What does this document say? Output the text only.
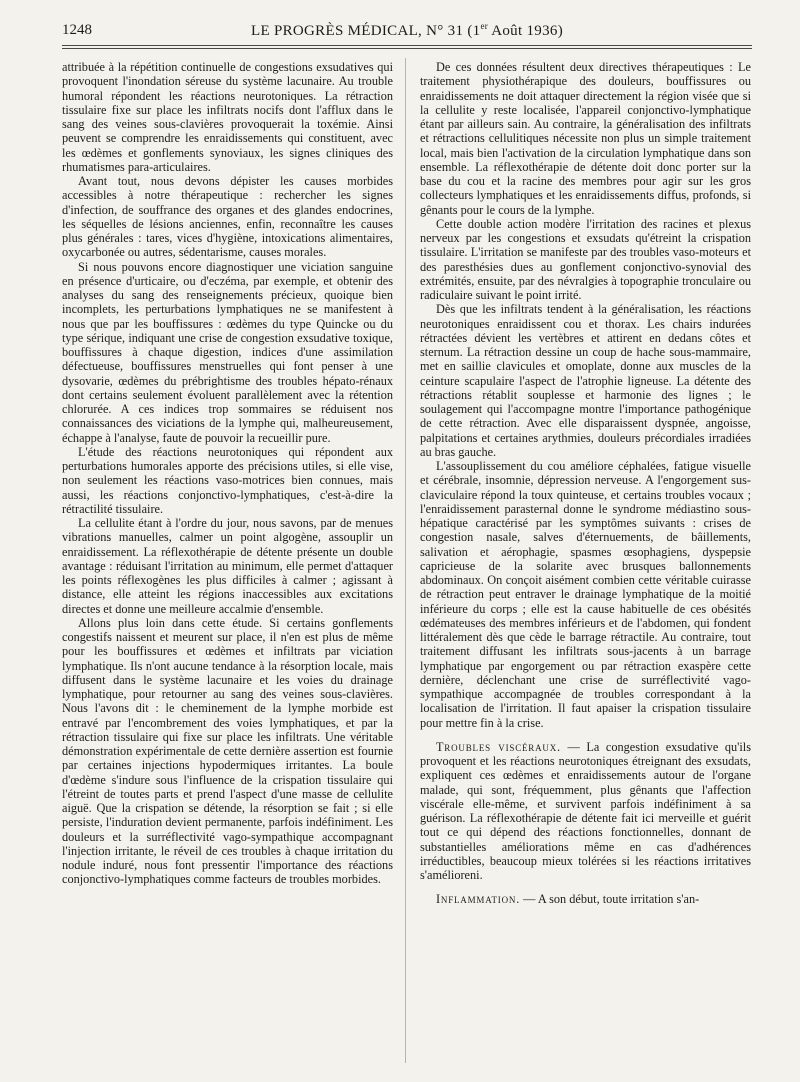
1248	LE PROGRÈS MÉDICAL, N° 31 (1er Août 1936)

attribuée à la répétition continuelle de congestions exsudatives qui provoquent l'inondation séreuse du système lacunaire. Au trouble humoral répondent les réactions neurotoniques. La rétraction tissulaire fixe sur place les infiltrats nocifs dont l'afflux dans le sang des veines sous-clavières provoquerait la toxémie. Ainsi peuvent se comprendre les enraidissements qui constituent, avec les œdèmes et gonflements synoviaux, les signes cliniques des rhumatismes para-articulaires.

Avant tout, nous devons dépister les causes morbides accessibles à notre thérapeutique : rechercher les signes d'infection, de souffrance des organes et des glandes endocrines, les séquelles de lésions anciennes, enfin, reconnaître les causes plus générales : tares, vices d'hygiène, intoxications alimentaires, oxycarbonée ou autres, sédentarisme, causes morales.

Si nous pouvons encore diagnostiquer une viciation sanguine en présence d'urticaire, ou d'eczéma, par exemple, et obtenir des analyses du sang des renseignements précieux, quoique bien incomplets, les perturbations lymphatiques ne se manifestent à nous que par les bouffissures : œdèmes du type Quincke ou du type sérique, indiquant une crise de congestion exsudative toxique, bouffissures à chaque digestion, indices d'une assimilation défectueuse, bouffissures menstruelles qui font penser à une dysovarie, œdèmes du prébrightisme des troubles hépato-rénaux dont certains seulement évoluent parallèlement avec la rétention chlorurée. A ces indices trop sommaires se réduisent nos connaissances des viciations de la lymphe qui, malheureusement, échappe à l'analyse, faute de pouvoir la recueillir pure.

L'étude des réactions neurotoniques qui répondent aux perturbations humorales apporte des précisions utiles, si elle vise, non seulement les réactions vaso-motrices bien connues, mais aussi, les réactions conjonctivo-lymphatiques, c'est-à-dire la rétractilité tissulaire.

La cellulite étant à l'ordre du jour, nous savons, par de menues vibrations manuelles, calmer un point algogène, assouplir un enraidissement. La réflexothérapie de détente présente un double avantage : réduisant l'irritation au minimum, elle permet d'attaquer les points réflexogènes les plus difficiles à calmer ; agissant à distance, elle atteint les régions inaccessibles aux excitations directes et donne une meilleure accalmie d'ensemble.

Allons plus loin dans cette étude. Si certains gonflements congestifs naissent et meurent sur place, il n'en est plus de même pour les bouffissures et œdèmes et infiltrats par viciation lymphatique. Ils n'ont aucune tendance à la résorption locale, mais diffusent dans le système lacunaire et les voies du drainage lymphatique, pour retourner au sang des veines sous-clavières. Nous l'avons dit : le cheminement de la lymphe morbide est entravé par l'encombrement des voies lymphatiques, et par la rétraction tissulaire qui fixe sur place les infiltrats. Une véritable démonstration expérimentale de cette dernière assertion est fournie par certaines injections hypodermiques irritantes. La boule d'œdème s'indure sous l'influence de la crispation tissulaire qui l'étreint de toutes parts et prend l'aspect d'une masse de cellulite aiguë. Que la crispation se détende, la résorption se fait ; si elle persiste, l'induration devient permanente, parfois indéfiniment. Les douleurs et la surréflectivité vago-sympathique accompagnant l'injection irritante, le réveil de ces troubles à chaque irritation du nodule induré, nous font pressentir l'importance des réactions conjonctivo-lymphatiques comme facteurs de troubles morbides.

De ces données résultent deux directives thérapeutiques : Le traitement physiothérapique des douleurs, bouffissures ou enraidissements ne doit attaquer directement la région visée que si la cellulite y reste localisée, l'appareil conjonctivo-lymphatique étant par ailleurs sain. Au contraire, la généralisation des infiltrats et rétractions cellulitiques nécessite non plus un simple traitement local, mais bien l'activation de la circulation lymphatique dans son ensemble. La réflexothérapie de détente doit donc porter sur la base du cou et la racine des membres pour agir sur les gros collecteurs lymphatiques et les enraidissements diffus, profonds, si gênants pour le cours de la lymphe.

Cette double action modère l'irritation des racines et plexus nerveux par les congestions et exsudats qu'étreint la crispation tissulaire. L'irritation se manifeste par des troubles vaso-moteurs et des paresthésies dues au gonflement conjonctivo-synovial des extrémités, ensuite, par des névralgies à topographie tronculaire ou radiculaire suivant le point irrité.

Dès que les infiltrats tendent à la généralisation, les réactions neurotoniques enraidissent cou et thorax. Les chairs indurées rétractées dévient les vertèbres et attirent en dedans côtes et sternum. La rétraction dessine un coup de hache sous-mammaire, met en saillie clavicules et omoplate, donne aux muscles de la ceinture scapulaire l'aspect de l'atrophie ligneuse. La détente des rétractions rétablit souplesse et harmonie des lignes ; le soulagement qui l'accompagne montre l'importance pathogénique de cette rétraction. Avec elle disparaissent dyspnée, angoisse, palpitations et certaines arythmies, douleurs précordiales irradiées au bras gauche.

L'assouplissement du cou améliore céphalées, fatigue visuelle et cérébrale, insomnie, dépression nerveuse. A l'engorgement sus-claviculaire répond la toux quinteuse, et certains troubles vocaux ; l'enraidissement parasternal donne le syndrome médiastino sous-hépatique caractérisé par les symptômes suivants : crises de congestion nasale, salves d'éternuements, de bâillements, salivation et aérophagie, spasmes œsophagiens, dyspepsie capricieuse de la solarite avec brusques ballonnements abdominaux. On conçoit aisément combien cette véritable cuirasse de rétraction peut entraver le drainage lymphatique de la moitié inférieure du corps ; elle est la cause habituelle de ces obésités œdémateuses des membres inférieurs et de l'abdomen, qui fondent littéralement dès que cède le barrage rétractile. Au contraire, tout traitement diffusant les infiltrats sous-jacents à un barrage lymphatique par engorgement ou par rétraction exaspère cette dernière, déclenchant une crise de surréflectivité vago-sympathique accompagnée de troubles correspondant à la localisation de l'irritation. Il faut apaiser la crispation tissulaire pour mettre fin à la crise.

Troubles viscéraux. — La congestion exsudative qu'ils provoquent et les réactions neurotoniques étreignant des exsudats, expliquent ces œdèmes et enraidissements autour de l'organe malade, qui sont, fréquemment, plus gênants que l'affection viscérale elle-même, et survivent parfois indéfiniment à sa guérison. La réflexothérapie de détente fait ici merveille et guérit tout ce qui dépend des réactions fonctionnelles, donnant de substantielles améliorations même en cas d'adhérences irréductibles, beaucoup mieux tolérées si les réactions irritatives s'amélioreni.

Inflammation. — A son début, toute irritation s'an-
